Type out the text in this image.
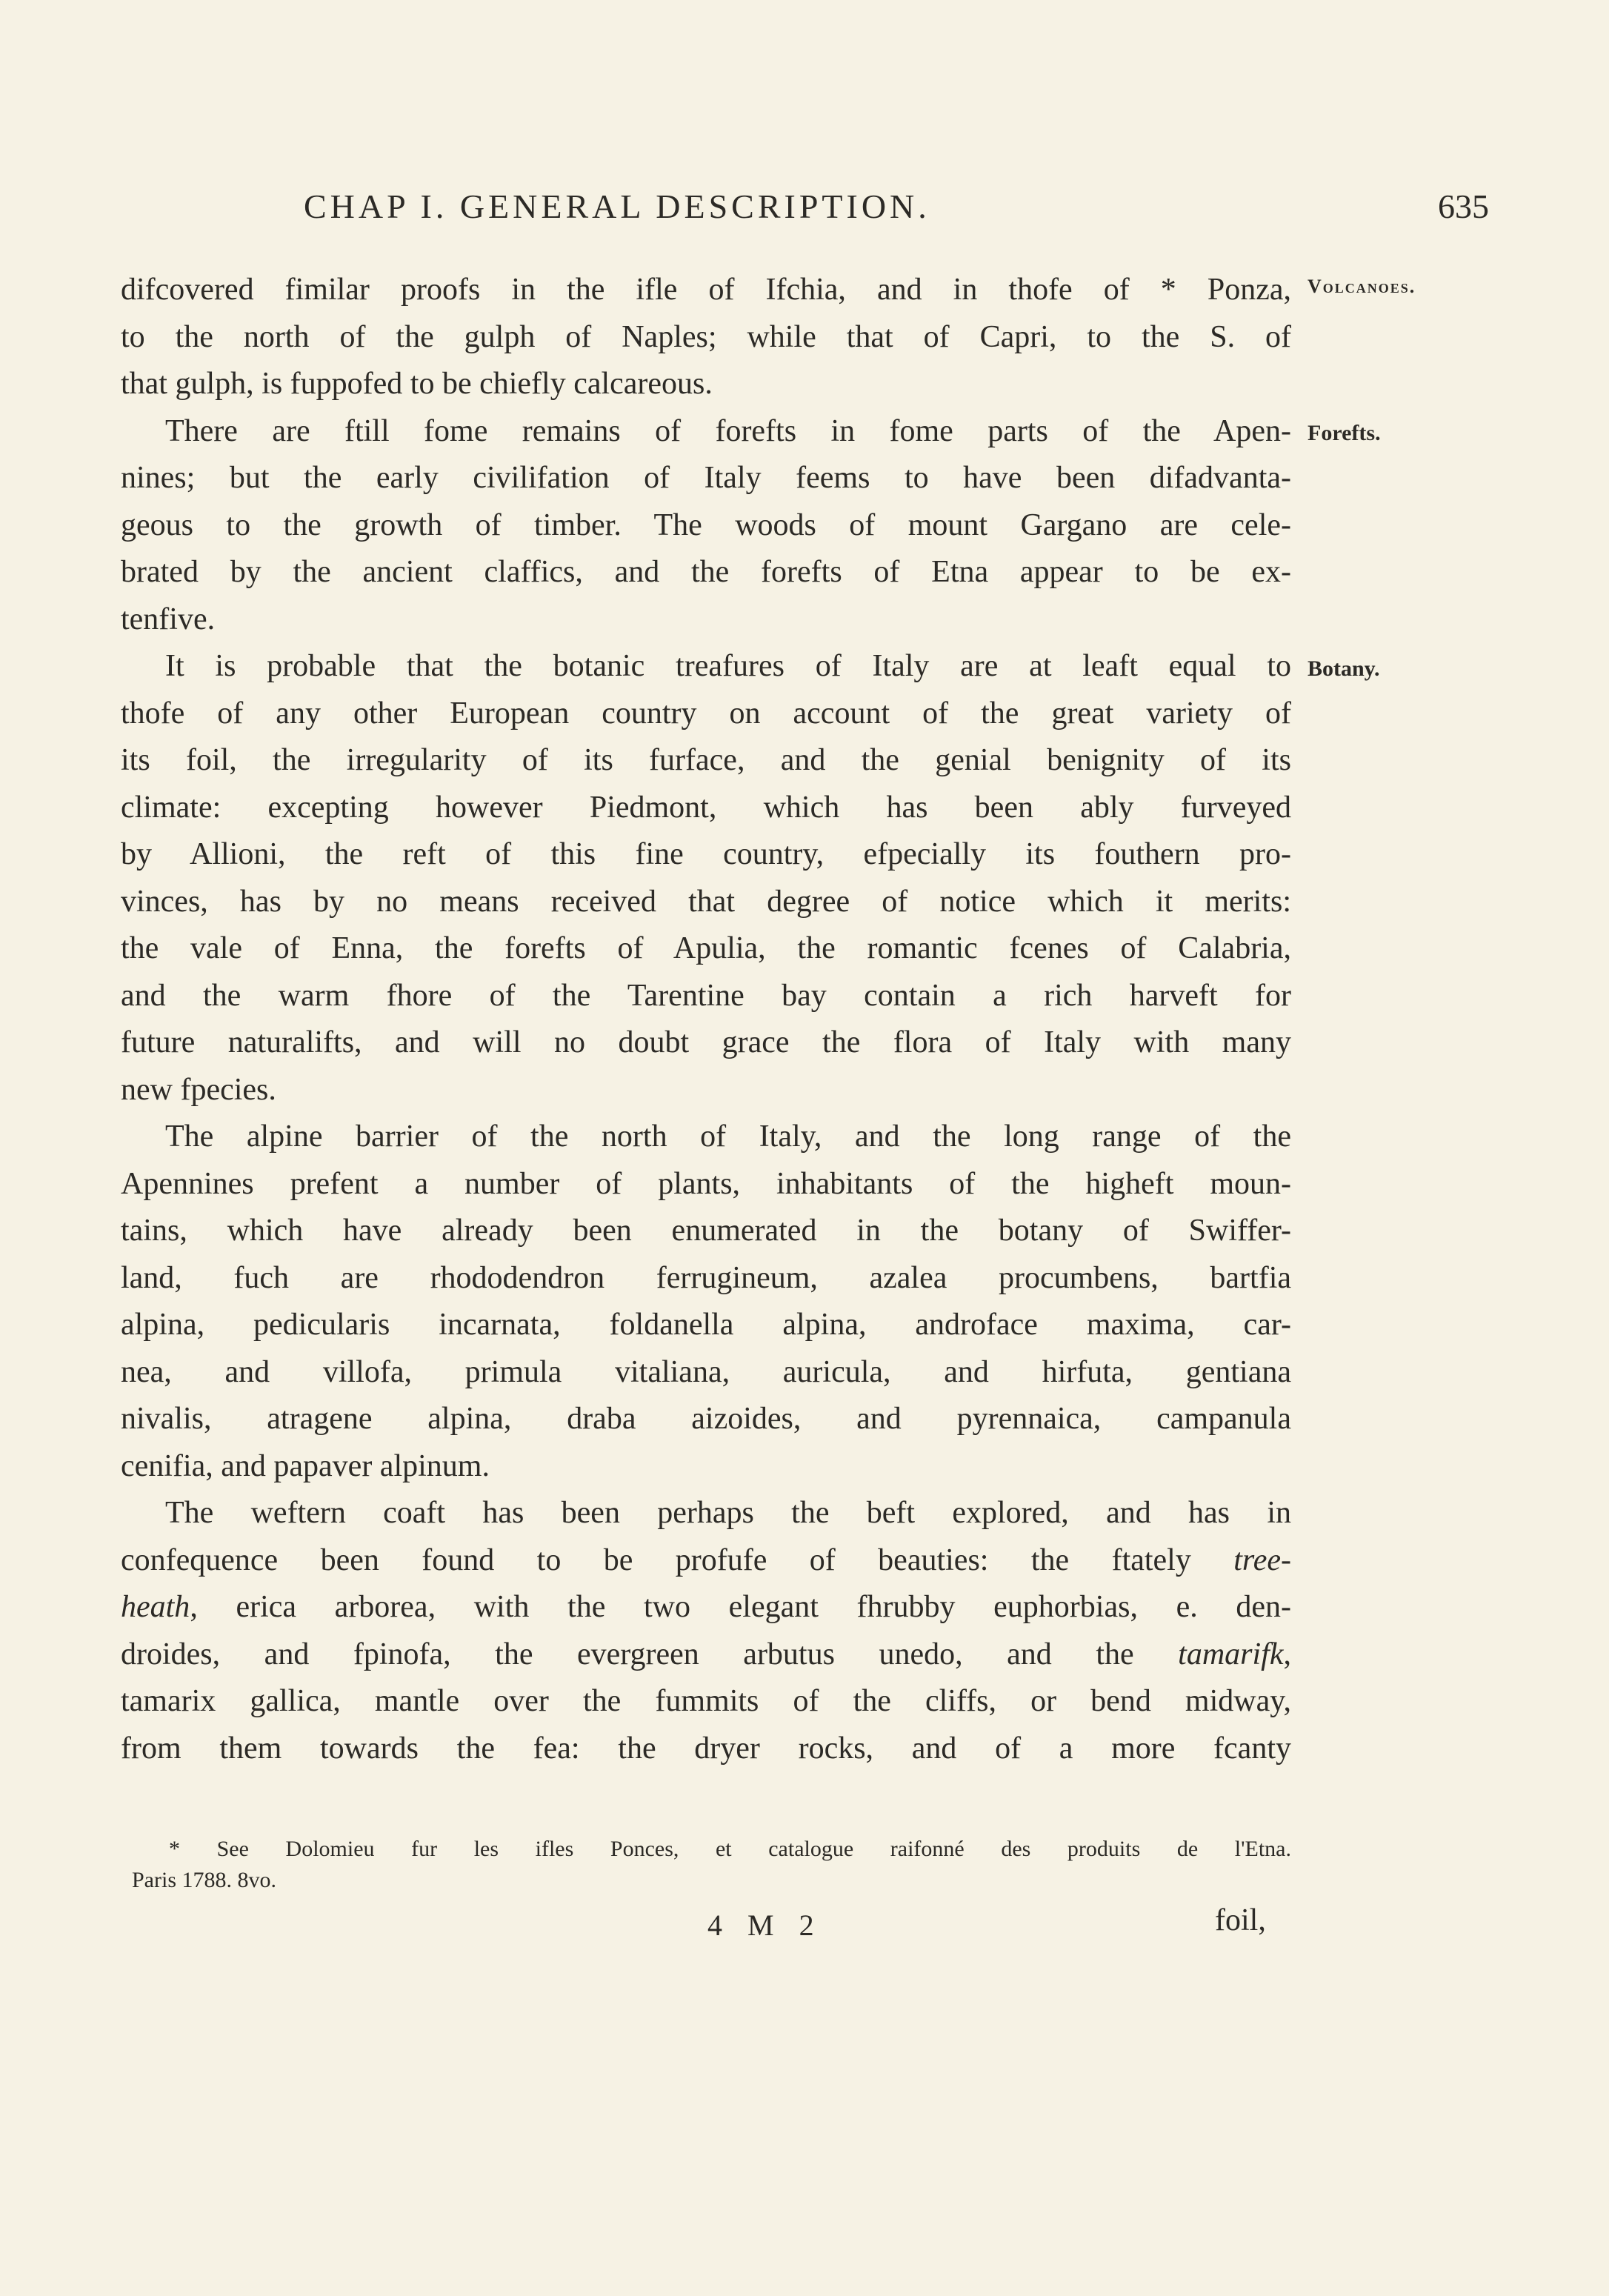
CHAP I. GENERAL DESCRIPTION.	635
Volcanoes.
Forefts.
Botany.
difcovered fimilar proofs in the ifle of Ifchia, and in thofe of * Ponza,
to the north of the gulph of Naples; while that of Capri, to the S. of
that gulph, is fuppofed to be chiefly calcareous.
There are ftill fome remains of forefts in fome parts of the Apen-
nines; but the early civilifation of Italy feems to have been difadvanta-
geous to the growth of timber. The woods of mount Gargano are cele-
brated by the ancient claffics, and the forefts of Etna appear to be ex-
tenfive.
It is probable that the botanic treafures of Italy are at leaft equal to
thofe of any other European country on account of the great variety of
its foil, the irregularity of its furface, and the genial benignity of its
climate: excepting however Piedmont, which has been ably furveyed
by Allioni, the reft of this fine country, efpecially its fouthern pro-
vinces, has by no means received that degree of notice which it merits:
the vale of Enna, the forefts of Apulia, the romantic fcenes of Calabria,
and the warm fhore of the Tarentine bay contain a rich harveft for
future naturalifts, and will no doubt grace the flora of Italy with many
new fpecies.
The alpine barrier of the north of Italy, and the long range of the
Apennines prefent a number of plants, inhabitants of the higheft moun-
tains, which have already been enumerated in the botany of Swiffer-
land, fuch are rhododendron ferrugineum, azalea procumbens, bartfia
alpina, pedicularis incarnata, foldanella alpina, androface maxima, car-
nea, and villofa, primula vitaliana, auricula, and hirfuta, gentiana
nivalis, atragene alpina, draba aizoides, and pyrennaica, campanula
cenifia, and papaver alpinum.
The weftern coaft has been perhaps the beft explored, and has in
confequence been found to be profufe of beauties: the ftately tree-
heath, erica arborea, with the two elegant fhrubby euphorbias, e. den-
droides, and fpinofa, the evergreen arbutus unedo, and the tamarifk,
tamarix gallica, mantle over the fummits of the cliffs, or bend midway,
from them towards the fea: the dryer rocks, and of a more fcanty
* See Dolomieu fur les ifles Ponces, et catalogue raifonné des produits de l'Etna.
Paris 1788. 8vo.
4 M 2	foil,
